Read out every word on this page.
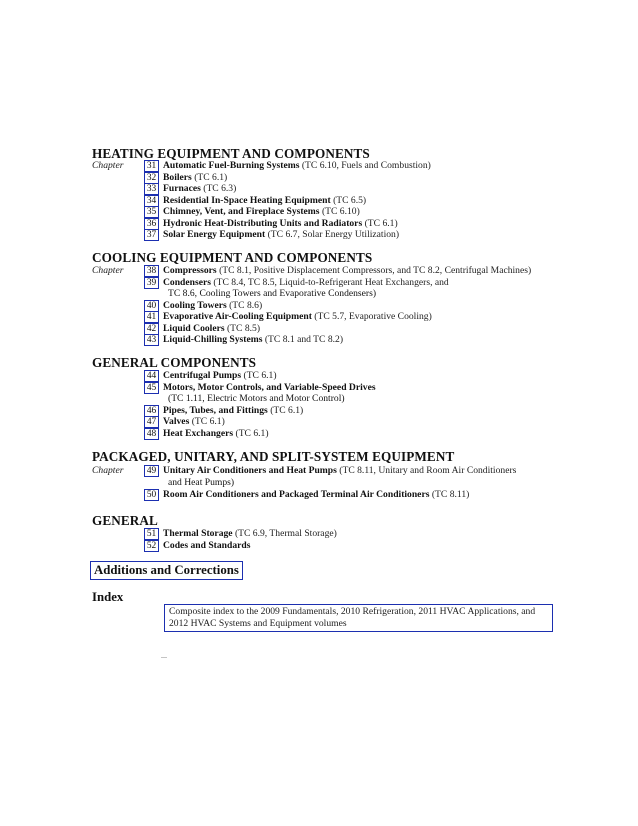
HEATING EQUIPMENT AND COMPONENTS
Chapter 31 Automatic Fuel-Burning Systems (TC 6.10, Fuels and Combustion)
32 Boilers (TC 6.1)
33 Furnaces (TC 6.3)
34 Residential In-Space Heating Equipment (TC 6.5)
35 Chimney, Vent, and Fireplace Systems (TC 6.10)
36 Hydronic Heat-Distributing Units and Radiators (TC 6.1)
37 Solar Energy Equipment (TC 6.7, Solar Energy Utilization)
COOLING EQUIPMENT AND COMPONENTS
Chapter 38 Compressors (TC 8.1, Positive Displacement Compressors, and TC 8.2, Centrifugal Machines)
39 Condensers (TC 8.4, TC 8.5, Liquid-to-Refrigerant Heat Exchangers, and
TC 8.6, Cooling Towers and Evaporative Condensers)
40 Cooling Towers (TC 8.6)
41 Evaporative Air-Cooling Equipment (TC 5.7, Evaporative Cooling)
42 Liquid Coolers (TC 8.5)
43 Liquid-Chilling Systems (TC 8.1 and TC 8.2)
GENERAL COMPONENTS
44 Centrifugal Pumps (TC 6.1)
45 Motors, Motor Controls, and Variable-Speed Drives
(TC 1.11, Electric Motors and Motor Control)
46 Pipes, Tubes, and Fittings (TC 6.1)
47 Valves (TC 6.1)
48 Heat Exchangers (TC 6.1)
PACKAGED, UNITARY, AND SPLIT-SYSTEM EQUIPMENT
Chapter 49 Unitary Air Conditioners and Heat Pumps (TC 8.11, Unitary and Room Air Conditioners
and Heat Pumps)
50 Room Air Conditioners and Packaged Terminal Air Conditioners (TC 8.11)
GENERAL
51 Thermal Storage (TC 6.9, Thermal Storage)
52 Codes and Standards
Additions and Corrections
Index
Composite index to the 2009 Fundamentals, 2010 Refrigeration, 2011 HVAC Applications, and 2012 HVAC Systems and Equipment volumes
...
